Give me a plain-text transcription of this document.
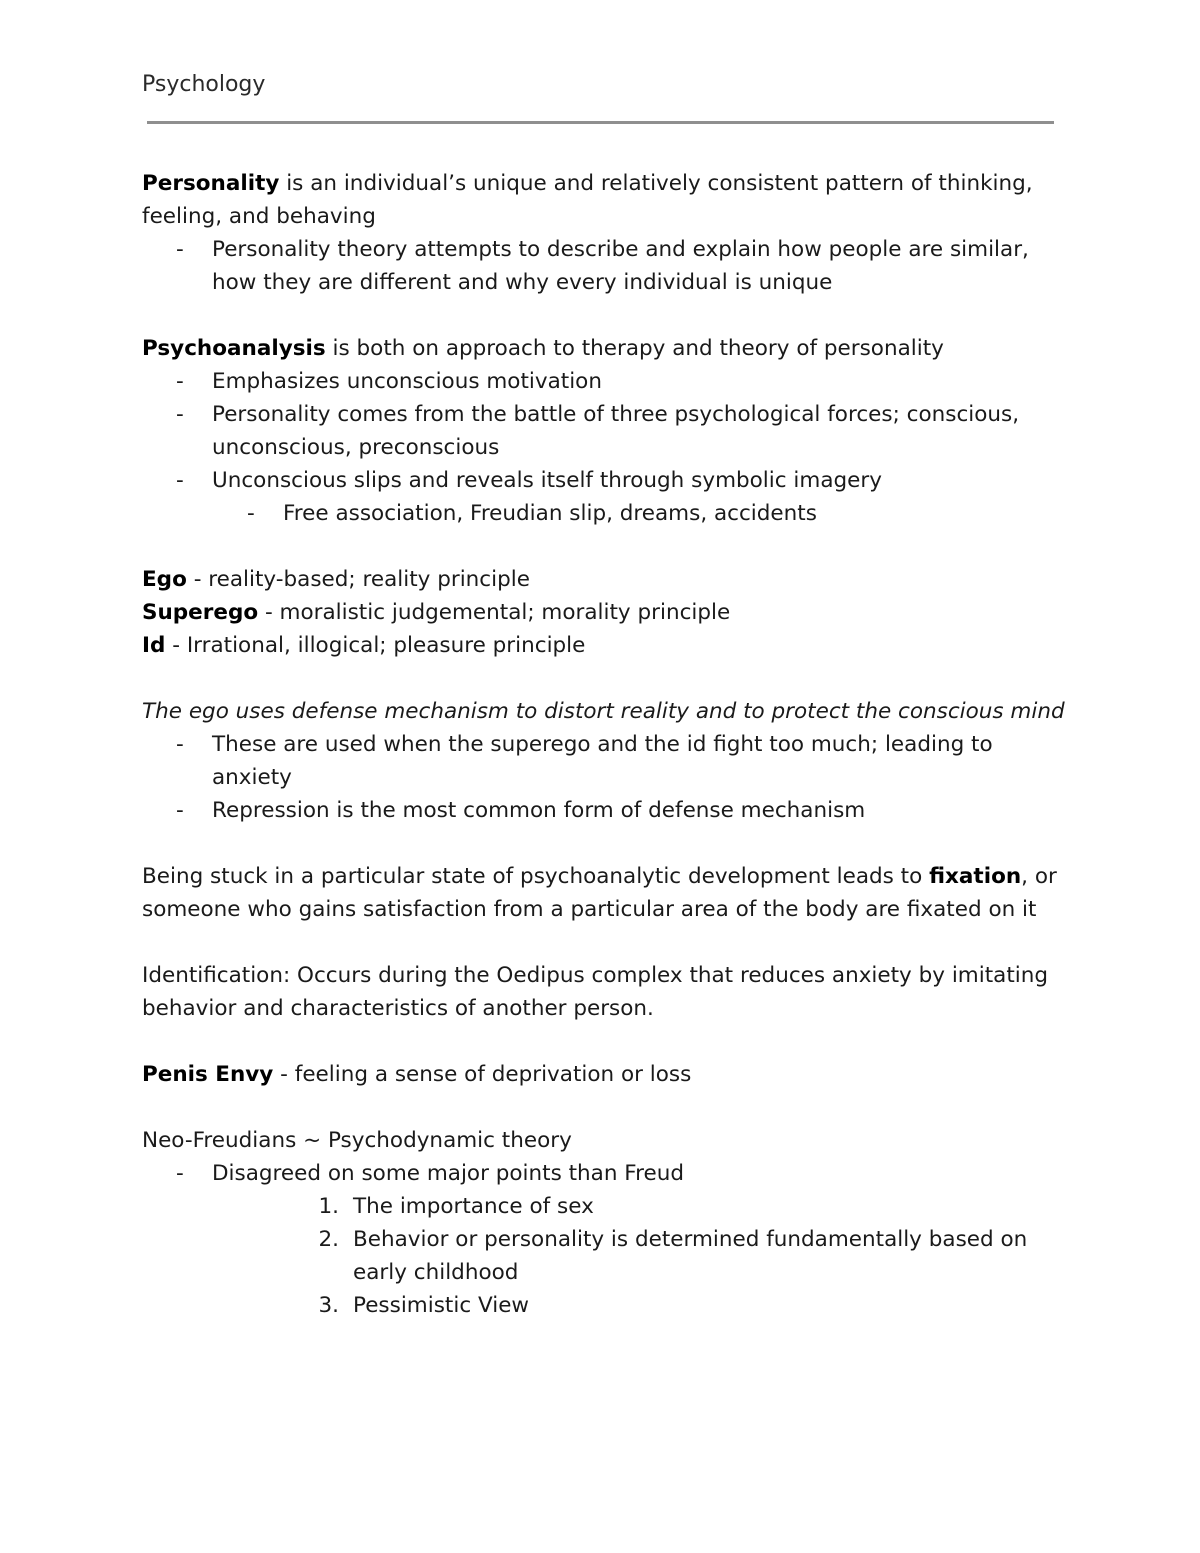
Psychology

Personality is an individual’s unique and relatively consistent pattern of thinking, feeling, and behaving

- Personality theory attempts to describe and explain how people are similar, how they are different and why every individual is unique

Psychoanalysis is both on approach to therapy and theory of personality

- Emphasizes unconscious motivation
- Personality comes from the battle of three psychological forces; conscious, unconscious, preconscious
- Unconscious slips and reveals itself through symbolic imagery
- Free association, Freudian slip, dreams, accidents

Ego - reality-based; reality principle

Superego - moralistic judgemental; morality principle

Id - Irrational, illogical; pleasure principle

The ego uses defense mechanism to distort reality and to protect the conscious mind

- These are used when the superego and the id fight too much; leading to anxiety
- Repression is the most common form of defense mechanism

Being stuck in a particular state of psychoanalytic development leads to fixation, or someone who gains satisfaction from a particular area of the body are fixated on it

Identification: Occurs during the Oedipus complex that reduces anxiety by imitating behavior and characteristics of another person.

Penis Envy - feeling a sense of deprivation or loss

Neo-Freudians ~ Psychodynamic theory

- Disagreed on some major points than Freud
1. The importance of sex
2. Behavior or personality is determined fundamentally based on early childhood
3. Pessimistic View
